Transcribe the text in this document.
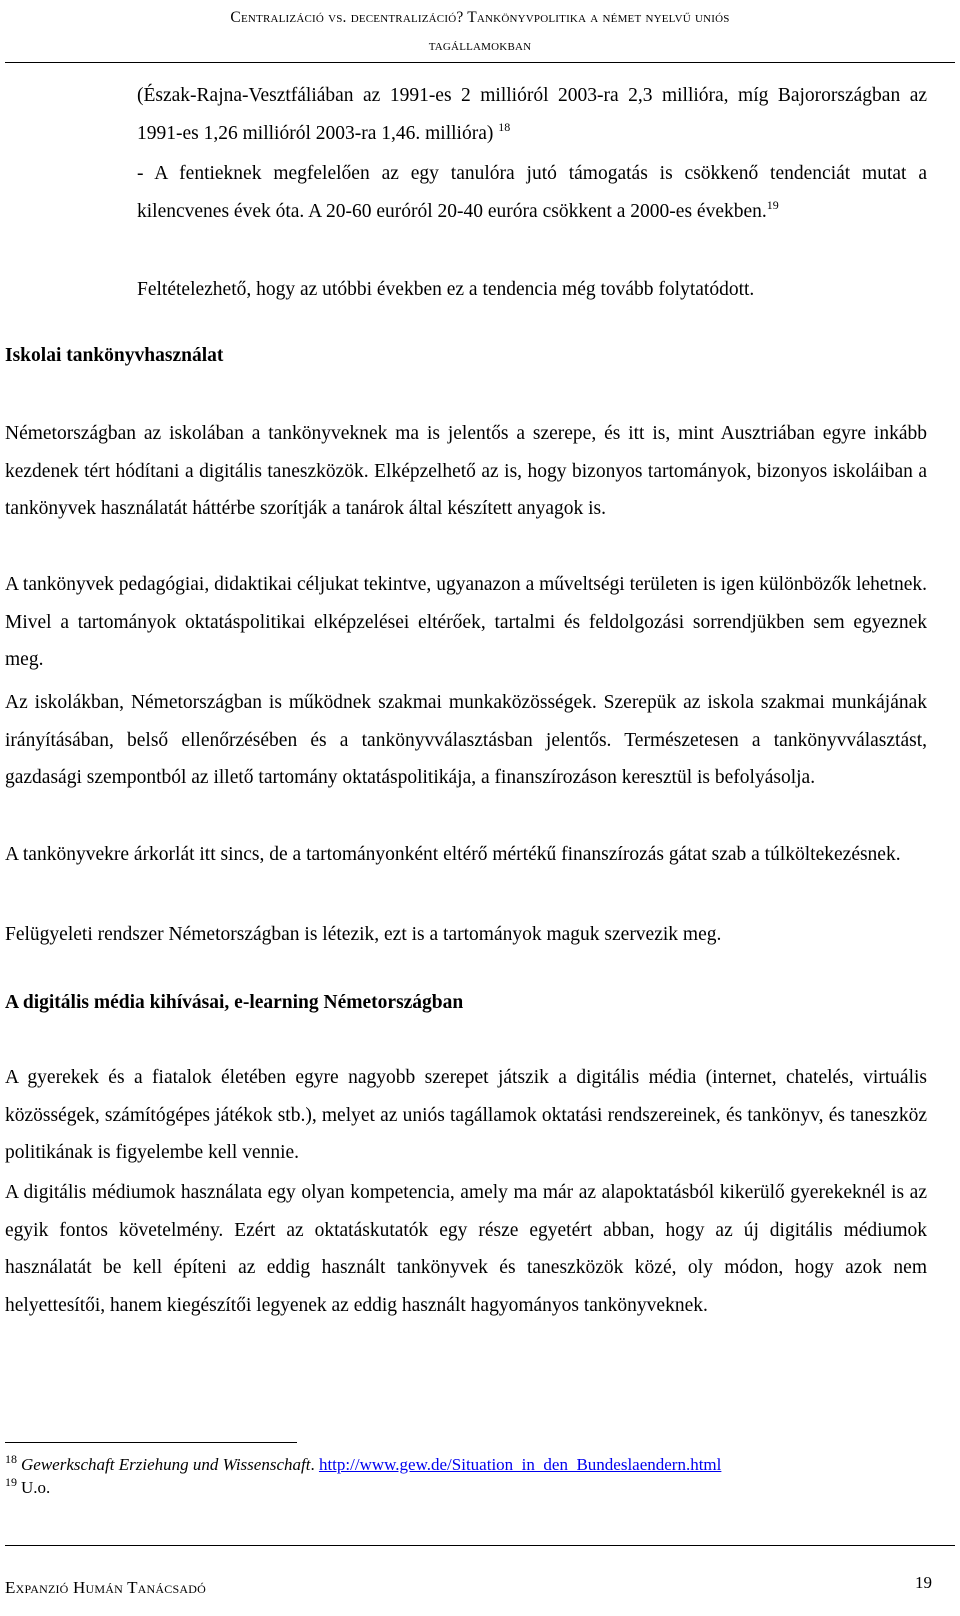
Centralizáció vs. decentralizáció? Tankönyvpolitika a német nyelvű uniós
tagállamokban

(Észak-Rajna-Vesztfáliában az 1991-es 2 millióról 2003-ra 2,3 millióra, míg Bajorországban az 1991-es 1,26 millióról 2003-ra 1,46. millióra) $^{18}$

- A fentieknek megfelelően az egy tanulóra jutó támogatás is csökkenő tendenciát mutat a kilencvenes évek óta. A 20-60 euróról 20-40 euróra csökkent a 2000-es években.$^{19}$

Feltételezhető, hogy az utóbbi években ez a tendencia még tovább folytatódott.

Iskolai tankönyvhasználat

Németországban az iskolában a tankönyveknek ma is jelentős a szerepe, és itt is, mint Ausztriában egyre inkább kezdenek tért hódítani a digitális taneszközök. Elképzelhető az is, hogy bizonyos tartományok, bizonyos iskoláiban a tankönyvek használatát háttérbe szorítják a tanárok által készített anyagok is.

A tankönyvek pedagógiai, didaktikai céljukat tekintve, ugyanazon a műveltségi területen is igen különbözők lehetnek. Mivel a tartományok oktatáspolitikai elképzelései eltérőek, tartalmi és feldolgozási sorrendjükben sem egyeznek meg.

Az iskolákban, Németországban is működnek szakmai munkaközösségek. Szerepük az iskola szakmai munkájának irányításában, belső ellenőrzésében és a tankönyvválasztásban jelentős. Természetesen a tankönyvválasztást, gazdasági szempontból az illető tartomány oktatáspolitikája, a finanszírozáson keresztül is befolyásolja.

A tankönyvekre árkorlát itt sincs, de a tartományonként eltérő mértékű finanszírozás gátat szab a túlköltekezésnek.

Felügyeleti rendszer Németországban is létezik, ezt is a tartományok maguk szervezik meg.

A digitális média kihívásai, e-learning Németországban

A gyerekek és a fiatalok életében egyre nagyobb szerepet játszik a digitális média (internet, chatelés, virtuális közösségek, számítógépes játékok stb.), melyet az uniós tagállamok oktatási rendszereinek, és tankönyv, és taneszköz politikának is figyelembe kell vennie.

A digitális médiumok használata egy olyan kompetencia, amely ma már az alapoktatásból kikerülő gyerekeknél is az egyik fontos követelmény. Ezért az oktatáskutatók egy része egyetért abban, hogy az új digitális médiumok használatát be kell építeni az eddig használt tankönyvek és taneszközök közé, oly módon, hogy azok nem helyettesítői, hanem kiegészítői legyenek az eddig használt hagyományos tankönyveknek.

$^{18}$ Gewerkschaft Erziehung und Wissenschaft. http://www.gew.de/Situation_in_den_Bundeslaendern.html
$^{19}$ U.o.
Expanzió Humán Tanácsadó	19
